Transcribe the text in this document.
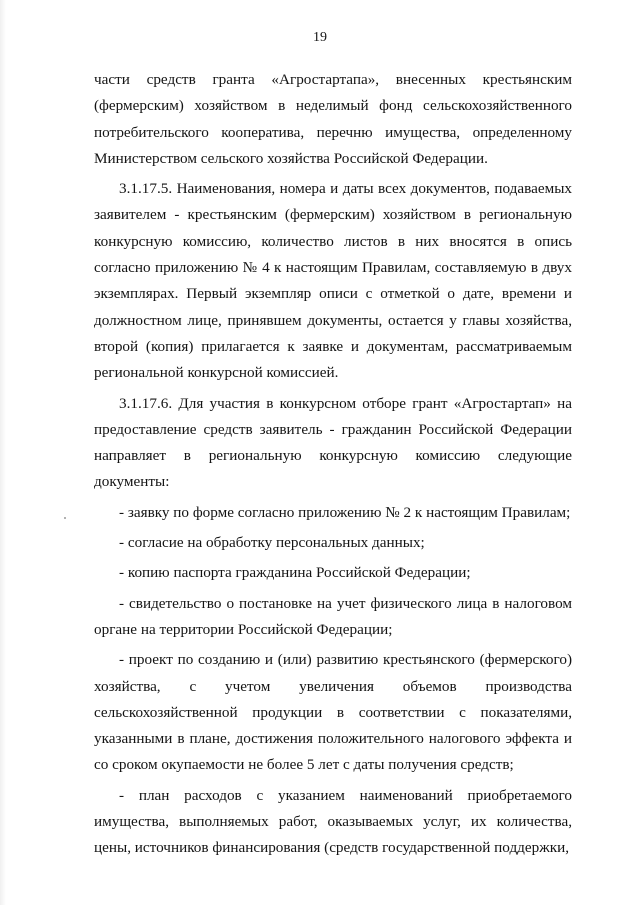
19

части средств гранта «Агростартапа», внесенных крестьянским (фермерским) хозяйством в неделимый фонд сельскохозяйственного потребительского кооператива, перечню имущества, определенному Министерством сельского хозяйства Российской Федерации.

3.1.17.5. Наименования, номера и даты всех документов, подаваемых заявителем - крестьянским (фермерским) хозяйством в региональную конкурсную комиссию, количество листов в них вносятся в опись согласно приложению № 4 к настоящим Правилам, составляемую в двух экземплярах. Первый экземпляр описи с отметкой о дате, времени и должностном лице, принявшем документы, остается у главы хозяйства, второй (копия) прилагается к заявке и документам, рассматриваемым региональной конкурсной комиссией.

3.1.17.6. Для участия в конкурсном отборе грант «Агростартап» на предоставление средств заявитель - гражданин Российской Федерации направляет в региональную конкурсную комиссию следующие документы:

- заявку по форме согласно приложению № 2 к настоящим Правилам;

- согласие на обработку персональных данных;

- копию паспорта гражданина Российской Федерации;

- свидетельство о постановке на учет физического лица в налоговом органе на территории Российской Федерации;

- проект по созданию и (или) развитию крестьянского (фермерского) хозяйства, с учетом увеличения объемов производства сельскохозяйственной продукции в соответствии с показателями, указанными в плане, достижения положительного налогового эффекта и со сроком окупаемости не более 5 лет с даты получения средств;

- план расходов с указанием наименований приобретаемого имущества, выполняемых работ, оказываемых услуг, их количества, цены, источников финансирования (средств государственной поддержки,
